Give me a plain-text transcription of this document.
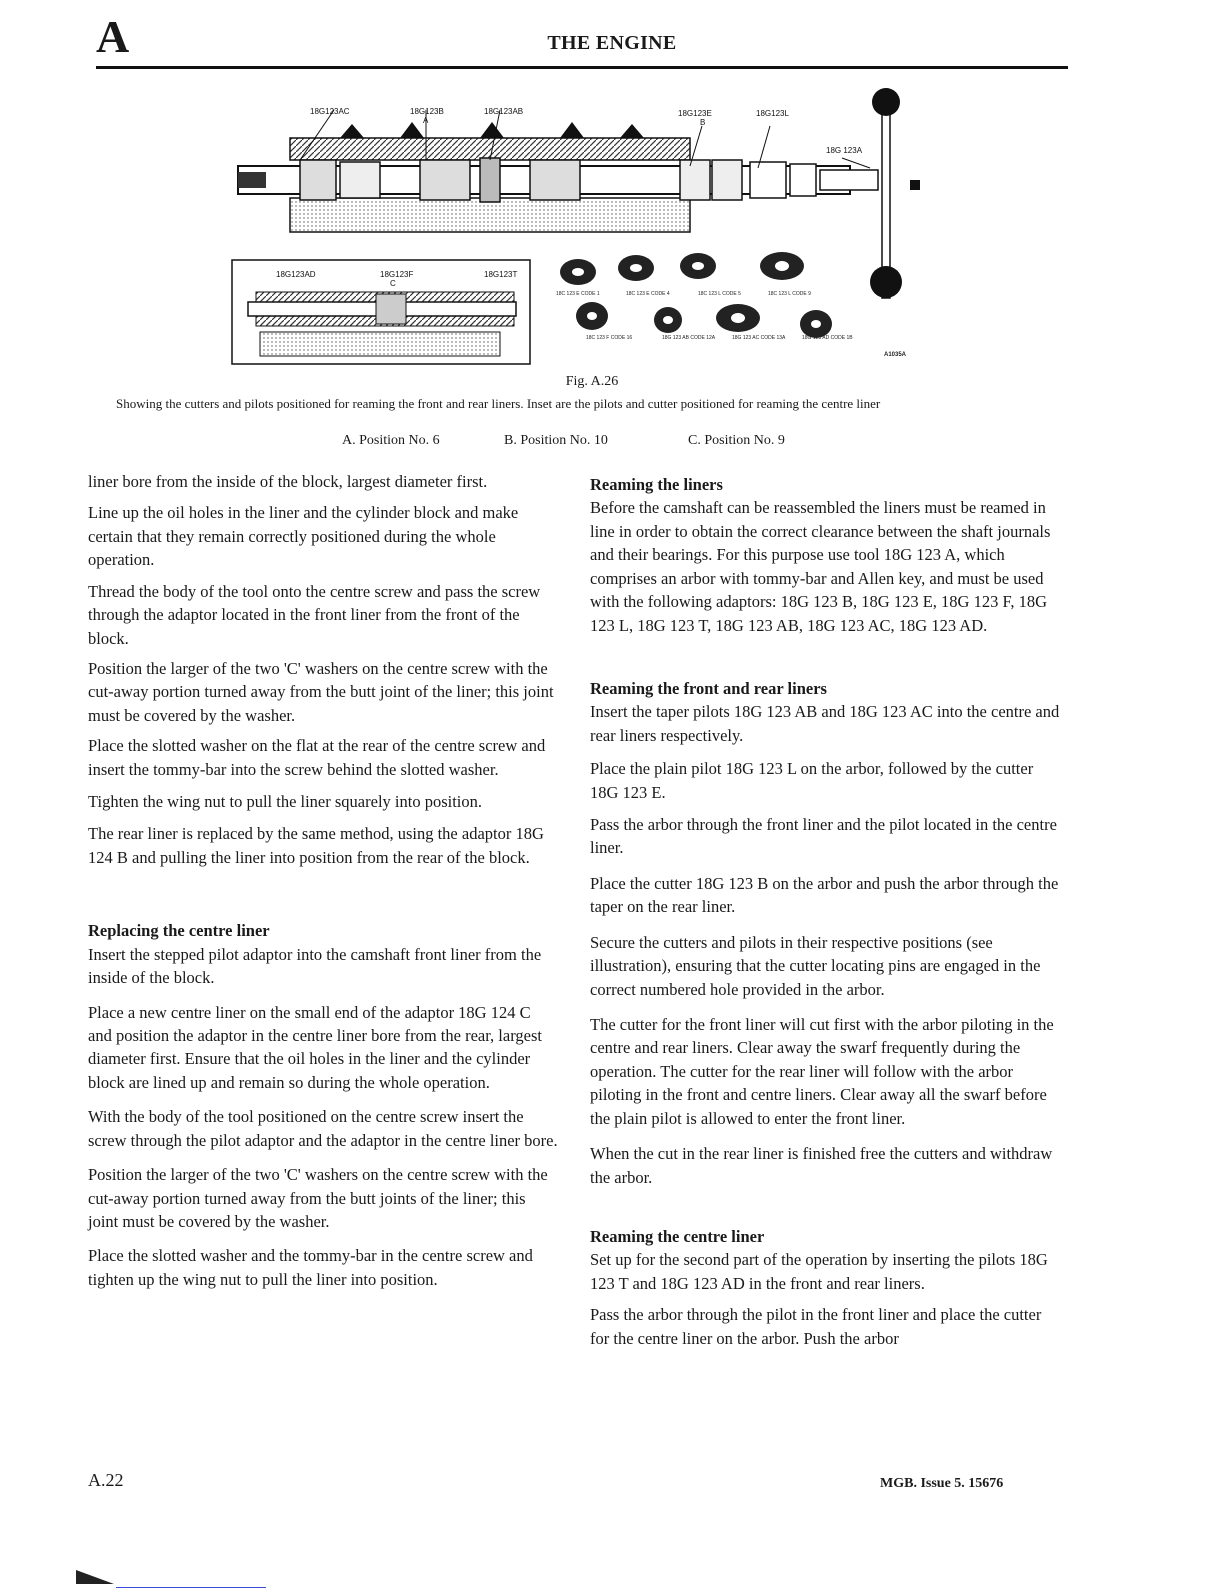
A	THE ENGINE
18G123AC	18G123B	18G123AB	18G123E	18G123L
18G 123A
18G123AD	18G123F	18G123T
A	B
C
18C 123 E CODE 1	18C 123 E CODE 4	18C 123 L CODE 5	18C 123 L CODE 9
18C 123 F CODE 16	18G 123 AB CODE 12A	18G 123 AC CODE 13A	18G 123 AD CODE 1B
A1035A
Fig. A.26
Showing the cutters and pilots positioned for reaming the front and rear liners. Inset are the pilots and cutter positioned for reaming the centre liner
A. Position No. 6	B. Position No. 10	C. Position No. 9

liner bore from the inside of the block, largest diameter first.

Line up the oil holes in the liner and the cylinder block and make certain that they remain correctly positioned during the whole operation.

Thread the body of the tool onto the centre screw and pass the screw through the adaptor located in the front liner from the front of the block.

Position the larger of the two 'C' washers on the centre screw with the cut-away portion turned away from the butt joint of the liner; this joint must be covered by the washer.

Place the slotted washer on the flat at the rear of the centre screw and insert the tommy-bar into the screw behind the slotted washer.

Tighten the wing nut to pull the liner squarely into position.

The rear liner is replaced by the same method, using the adaptor 18G 124 B and pulling the liner into position from the rear of the block.

Replacing the centre liner

Insert the stepped pilot adaptor into the camshaft front liner from the inside of the block.

Place a new centre liner on the small end of the adaptor 18G 124 C and position the adaptor in the centre liner bore from the rear, largest diameter first. Ensure that the oil holes in the liner and the cylinder block are lined up and remain so during the whole operation.

With the body of the tool positioned on the centre screw insert the screw through the pilot adaptor and the adaptor in the centre liner bore.

Position the larger of the two 'C' washers on the centre screw with the cut-away portion turned away from the butt joints of the liner; this joint must be covered by the washer.

Place the slotted washer and the tommy-bar in the centre screw and tighten up the wing nut to pull the liner into position.

Reaming the liners

Before the camshaft can be reassembled the liners must be reamed in line in order to obtain the correct clearance between the shaft journals and their bearings. For this purpose use tool 18G 123 A, which comprises an arbor with tommy-bar and Allen key, and must be used with the following adaptors: 18G 123 B, 18G 123 E, 18G 123 F, 18G 123 L, 18G 123 T, 18G 123 AB, 18G 123 AC, 18G 123 AD.

Reaming the front and rear liners

Insert the taper pilots 18G 123 AB and 18G 123 AC into the centre and rear liners respectively.

Place the plain pilot 18G 123 L on the arbor, followed by the cutter 18G 123 E.

Pass the arbor through the front liner and the pilot located in the centre liner.

Place the cutter 18G 123 B on the arbor and push the arbor through the taper on the rear liner.

Secure the cutters and pilots in their respective positions (see illustration), ensuring that the cutter locating pins are engaged in the correct numbered hole provided in the arbor.

The cutter for the front liner will cut first with the arbor piloting in the centre and rear liners. Clear away the swarf frequently during the operation. The cutter for the rear liner will follow with the arbor piloting in the front and centre liners. Clear away all the swarf before the plain pilot is allowed to enter the front liner.

When the cut in the rear liner is finished free the cutters and withdraw the arbor.

Reaming the centre liner

Set up for the second part of the operation by inserting the pilots 18G 123 T and 18G 123 AD in the front and rear liners.

Pass the arbor through the pilot in the front liner and place the cutter for the centre liner on the arbor. Push the arbor

A.22	MGB. Issue 5. 15676
